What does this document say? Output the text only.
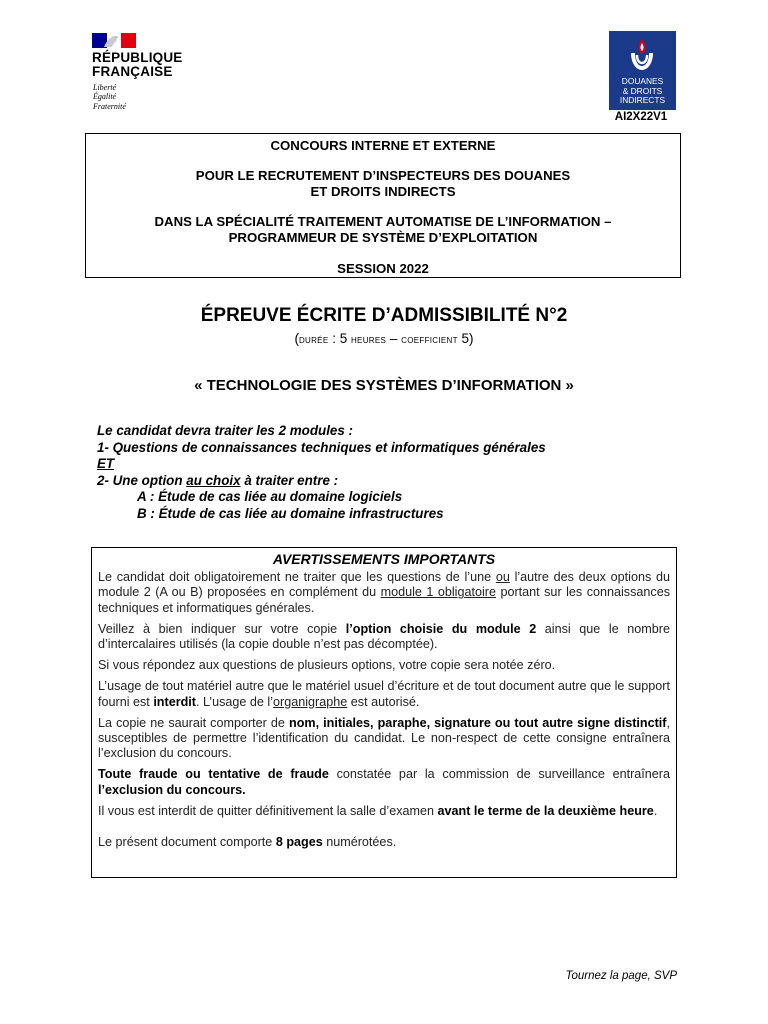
RÉPUBLIQUE
FRANÇAISE
Liberté
Égalité
Fraternité
DOUANES
& DROITS
INDIRECTS
AI2X22V1

CONCOURS INTERNE ET EXTERNE

POUR LE RECRUTEMENT D’INSPECTEURS DES DOUANES

ET DROITS INDIRECTS

DANS LA SPÉCIALITÉ TRAITEMENT AUTOMATISE DE L’INFORMATION –

PROGRAMMEUR DE SYSTÈME D’EXPLOITATION

SESSION 2022

ÉPREUVE ÉCRITE D’ADMISSIBILITÉ N°2
(durée : 5 heures – coefficient 5)
« TECHNOLOGIE DES SYSTÈMES D’INFORMATION »
Le candidat devra traiter les 2 modules :
1- Questions de connaissances techniques et informatiques générales
ET
2- Une option au choix à traiter entre :
A : Étude de cas liée au domaine logiciels
B : Étude de cas liée au domaine infrastructures
AVERTISSEMENTS IMPORTANTS

Le candidat doit obligatoirement ne traiter que les questions de l’une ou l’autre des deux options du module 2 (A ou B) proposées en complément du module 1 obligatoire portant sur les connaissances techniques et informatiques générales.

Veillez à bien indiquer sur votre copie l’option choisie du module 2 ainsi que le nombre d’intercalaires utilisés (la copie double n’est pas décomptée).

Si vous répondez aux questions de plusieurs options, votre copie sera notée zéro.

L’usage de tout matériel autre que le matériel usuel d’écriture et de tout document autre que le support fourni est interdit. L’usage de l’organigraphe est autorisé.

La copie ne saurait comporter de nom, initiales, paraphe, signature ou tout autre signe distinctif, susceptibles de permettre l’identification du candidat. Le non-respect de cette consigne entraînera l’exclusion du concours.

Toute fraude ou tentative de fraude constatée par la commission de surveillance entraînera l’exclusion du concours.

Il vous est interdit de quitter définitivement la salle d’examen avant le terme de la deuxième heure.

Le présent document comporte 8 pages numérotées.

Tournez la page, SVP
